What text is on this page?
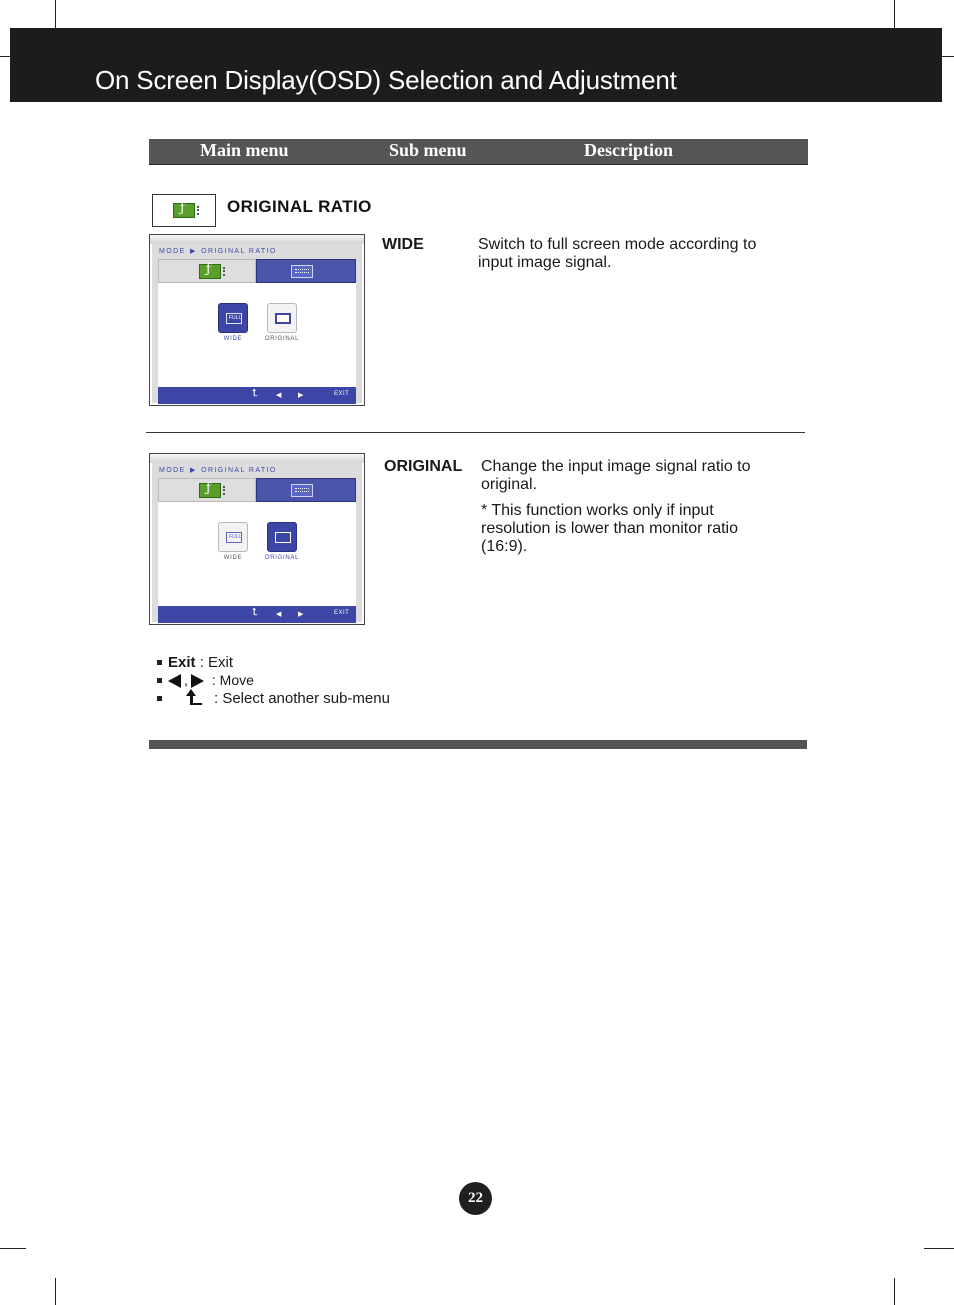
On Screen Display(OSD) Selection and Adjustment
Main menu	Sub menu	Description
ƒ
ORIGINAL RATIO
MODE ▶ ORIGINAL RATIO
ƒ
FULL
WIDE	ORIGINAL
⮤	◀ ▶	EXIT
WIDE	Switch to full screen mode according to input image signal.
MODE ▶ ORIGINAL RATIO
ƒ
FULL
WIDE	ORIGINAL
⮤	◀ ▶	EXIT
ORIGINAL Change the input image signal ratio to original.
* This function works only if input resolution is lower than monitor ratio (16:9).
Exit : Exit
, : Move
: Select another sub-menu
22
